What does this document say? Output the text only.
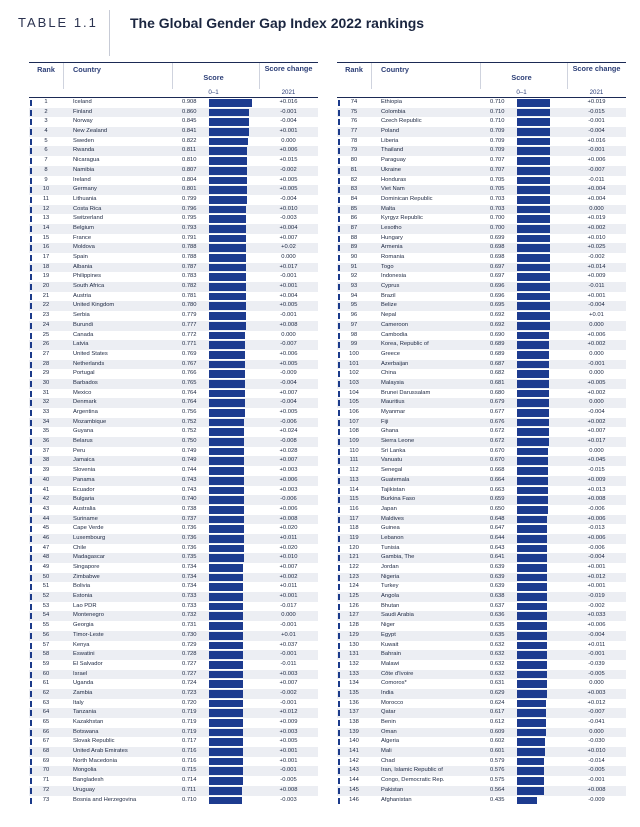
TABLE 1.1 The Global Gender Gap Index 2022 rankings
Rank	Country
Score
Score change
0–1	2021
1	Iceland	0.908	+0.016
2	Finland	0.860	-0.001
3	Norway	0.845	-0.004
4	New Zealand	0.841	+0.001
5	Sweden	0.822	0.000
6	Rwanda	0.811	+0.006
7	Nicaragua	0.810	+0.015
8	Namibia	0.807	-0.002
9	Ireland	0.804	+0.005
10	Germany	0.801	+0.005
11	Lithuania	0.799	-0.004
12	Costa Rica	0.796	+0.010
13	Switzerland	0.795	-0.003
14	Belgium	0.793	+0.004
15	France	0.791	+0.007
16	Moldova	0.788	+0.02
17	Spain	0.788	0.000
18	Albania	0.787	+0.017
19	Philippines	0.783	-0.001
20	South Africa	0.782	+0.001
21	Austria	0.781	+0.004
22	United Kingdom	0.780	+0.005
23	Serbia	0.779	-0.001
24	Burundi	0.777	+0.008
25	Canada	0.772	0.000
26	Latvia	0.771	-0.007
27	United States	0.769	+0.006
28	Netherlands	0.767	+0.005
29	Portugal	0.766	-0.009
30	Barbados	0.765	-0.004
31	Mexico	0.764	+0.007
32	Denmark	0.764	-0.004
33	Argentina	0.756	+0.005
34	Mozambique	0.752	-0.006
35	Guyana	0.752	+0.024
36	Belarus	0.750	-0.008
37	Peru	0.749	+0.028
38	Jamaica	0.749	+0.007
39	Slovenia	0.744	+0.003
40	Panama	0.743	+0.006
41	Ecuador	0.743	+0.003
42	Bulgaria	0.740	-0.006
43	Australia	0.738	+0.006
44	Suriname	0.737	+0.008
45	Cape Verde	0.736	+0.020
46	Luxembourg	0.736	+0.011
47	Chile	0.736	+0.020
48	Madagascar	0.735	+0.010
49	Singapore	0.734	+0.007
50	Zimbabwe	0.734	+0.002
51	Bolivia	0.734	+0.011
52	Estonia	0.733	+0.001
53	Lao PDR	0.733	-0.017
54	Montenegro	0.732	0.000
55	Georgia	0.731	-0.001
56	Timor-Leste	0.730	+0.01
57	Kenya	0.729	+0.037
58	Eswatini	0.728	-0.001
59	El Salvador	0.727	-0.011
60	Israel	0.727	+0.003
61	Uganda	0.724	+0.007
62	Zambia	0.723	-0.002
63	Italy	0.720	-0.001
64	Tanzania	0.719	+0.012
65	Kazakhstan	0.719	+0.009
66	Botswana	0.719	+0.003
67	Slovak Republic	0.717	+0.005
68	United Arab Emirates	0.716	+0.001
69	North Macedonia	0.716	+0.001
70	Mongolia	0.715	-0.001
71	Bangladesh	0.714	-0.005
72	Uruguay	0.711	+0.008
73	Bosnia and Herzegovina	0.710	-0.003
Rank	Country
Score
Score change
0–1	2021
74	Ethiopia	0.710	+0.019
75	Colombia	0.710	-0.015
76	Czech Republic	0.710	-0.001
77	Poland	0.709	-0.004
78	Liberia	0.709	+0.016
79	Thailand	0.709	-0.001
80	Paraguay	0.707	+0.006
81	Ukraine	0.707	-0.007
82	Honduras	0.705	-0.011
83	Viet Nam	0.705	+0.004
84	Dominican Republic	0.703	+0.004
85	Malta	0.703	0.000
86	Kyrgyz Republic	0.700	+0.019
87	Lesotho	0.700	+0.002
88	Hungary	0.699	+0.010
89	Armenia	0.698	+0.025
90	Romania	0.698	-0.002
91	Togo	0.697	+0.014
92	Indonesia	0.697	+0.009
93	Cyprus	0.696	-0.011
94	Brazil	0.696	+0.001
95	Belize	0.695	-0.004
96	Nepal	0.692	+0.01
97	Cameroon	0.692	0.000
98	Cambodia	0.690	+0.006
99	Korea, Republic of	0.689	+0.002
100	Greece	0.689	0.000
101	Azerbaijan	0.687	-0.001
102	China	0.682	0.000
103	Malaysia	0.681	+0.005
104	Brunei Darussalam	0.680	+0.002
105	Mauritius	0.679	0.000
106	Myanmar	0.677	-0.004
107	Fiji	0.676	+0.002
108	Ghana	0.672	+0.007
109	Sierra Leone	0.672	+0.017
110	Sri Lanka	0.670	0.000
111	Vanuatu	0.670	+0.045
112	Senegal	0.668	-0.015
113	Guatemala	0.664	+0.009
114	Tajikistan	0.663	+0.013
115	Burkina Faso	0.659	+0.008
116	Japan	0.650	-0.006
117	Maldives	0.648	+0.006
118	Guinea	0.647	-0.013
119	Lebanon	0.644	+0.006
120	Tunisia	0.643	-0.006
121	Gambia, The	0.641	-0.004
122	Jordan	0.639	+0.001
123	Nigeria	0.639	+0.012
124	Turkey	0.639	+0.001
125	Angola	0.638	-0.019
126	Bhutan	0.637	-0.002
127	Saudi Arabia	0.636	+0.033
128	Niger	0.635	+0.006
129	Egypt	0.635	-0.004
130	Kuwait	0.632	+0.011
131	Bahrain	0.632	-0.001
132	Malawi	0.632	-0.039
133	Côte d'Ivoire	0.632	-0.005
134	Comoros*	0.631	0.000
135	India	0.629	+0.003
136	Morocco	0.624	+0.012
137	Qatar	0.617	-0.007
138	Benin	0.612	-0.041
139	Oman	0.609	0.000
140	Algeria	0.602	-0.030
141	Mali	0.601	+0.010
142	Chad	0.579	-0.014
143	Iran, Islamic Republic of	0.576	-0.005
144	Congo, Democratic Rep.	0.575	-0.001
145	Pakistan	0.564	+0.008
146	Afghanistan	0.435	-0.009
